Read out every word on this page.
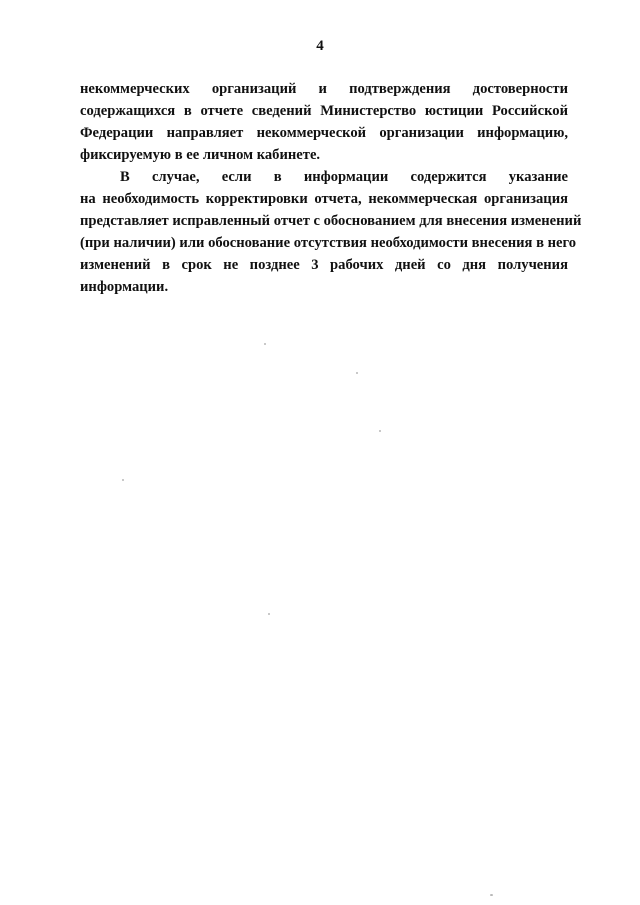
4

некоммерческих организаций и подтверждения достоверности
содержащихся в отчете сведений Министерство юстиции Российской
Федерации направляет некоммерческой организации информацию,
фиксируемую в ее личном кабинете.

В случае, если в информации содержится указание
на необходимость корректировки отчета, некоммерческая организация
представляет исправленный отчет с обоснованием для внесения изменений
(при наличии) или обоснование отсутствия необходимости внесения в него
изменений в срок не позднее 3 рабочих дней со дня получения
информации.
